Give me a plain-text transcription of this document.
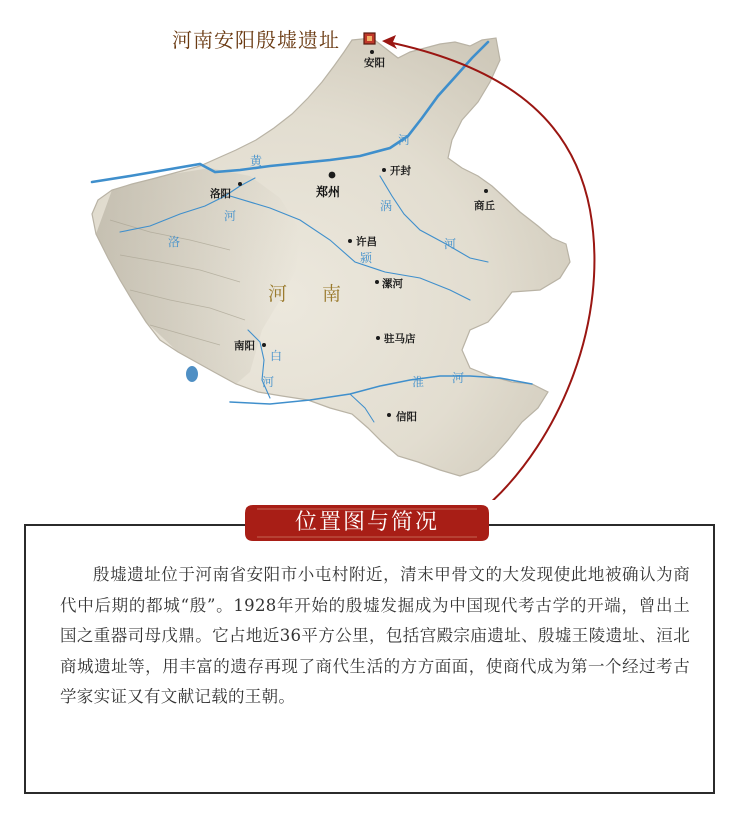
黄
河
河
洛
涡
河
颍
白
河	淮 河
河 南
安阳
洛阳	郑州
开封
商丘
许昌
漯河
南阳
驻马店
信阳
河南安阳殷墟遗址
位置图与简况
殷墟遗址位于河南省安阳市小屯村附近，清末甲骨文的大发现使此地被确认为商代中后期的都城“殷”。1928年开始的殷墟发掘成为中国现代考古学的开端，曾出土国之重器司母戊鼎。它占地近36平方公里，包括宫殿宗庙遗址、殷墟王陵遗址、洹北商城遗址等，用丰富的遗存再现了商代生活的方方面面，使商代成为第一个经过考古学家实证又有文献记载的王朝。
